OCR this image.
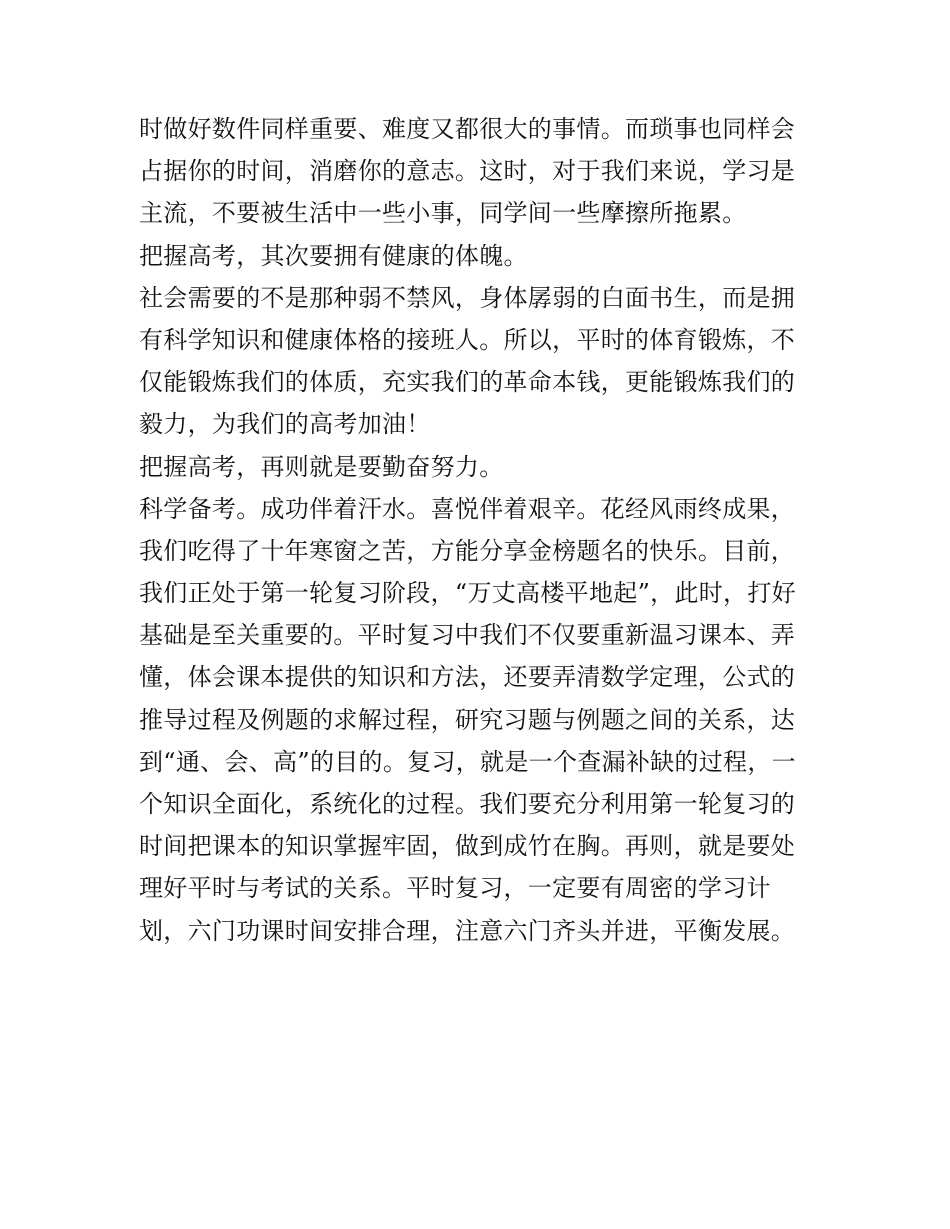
时做好数件同样重要、难度又都很大的事情。而琐事也同样会
占据你的时间，消磨你的意志。这时，对于我们来说，学习是
主流，不要被生活中一些小事，同学间一些摩擦所拖累。
把握高考，其次要拥有健康的体魄。
社会需要的不是那种弱不禁风，身体孱弱的白面书生，而是拥
有科学知识和健康体格的接班人。所以，平时的体育锻炼，不
仅能锻炼我们的体质，充实我们的革命本钱，更能锻炼我们的
毅力，为我们的高考加油！
把握高考，再则就是要勤奋努力。
科学备考。成功伴着汗水。喜悦伴着艰辛。花经风雨终成果，
我们吃得了十年寒窗之苦，方能分享金榜题名的快乐。目前，
我们正处于第一轮复习阶段，“万丈高楼平地起”，此时，打好
基础是至关重要的。平时复习中我们不仅要重新温习课本、弄
懂，体会课本提供的知识和方法，还要弄清数学定理，公式的
推导过程及例题的求解过程，研究习题与例题之间的关系，达
到“通、会、高”的目的。复习，就是一个查漏补缺的过程，一
个知识全面化，系统化的过程。我们要充分利用第一轮复习的
时间把课本的知识掌握牢固，做到成竹在胸。再则，就是要处
理好平时与考试的关系。平时复习，一定要有周密的学习计
划，六门功课时间安排合理，注意六门齐头并进，平衡发展。
